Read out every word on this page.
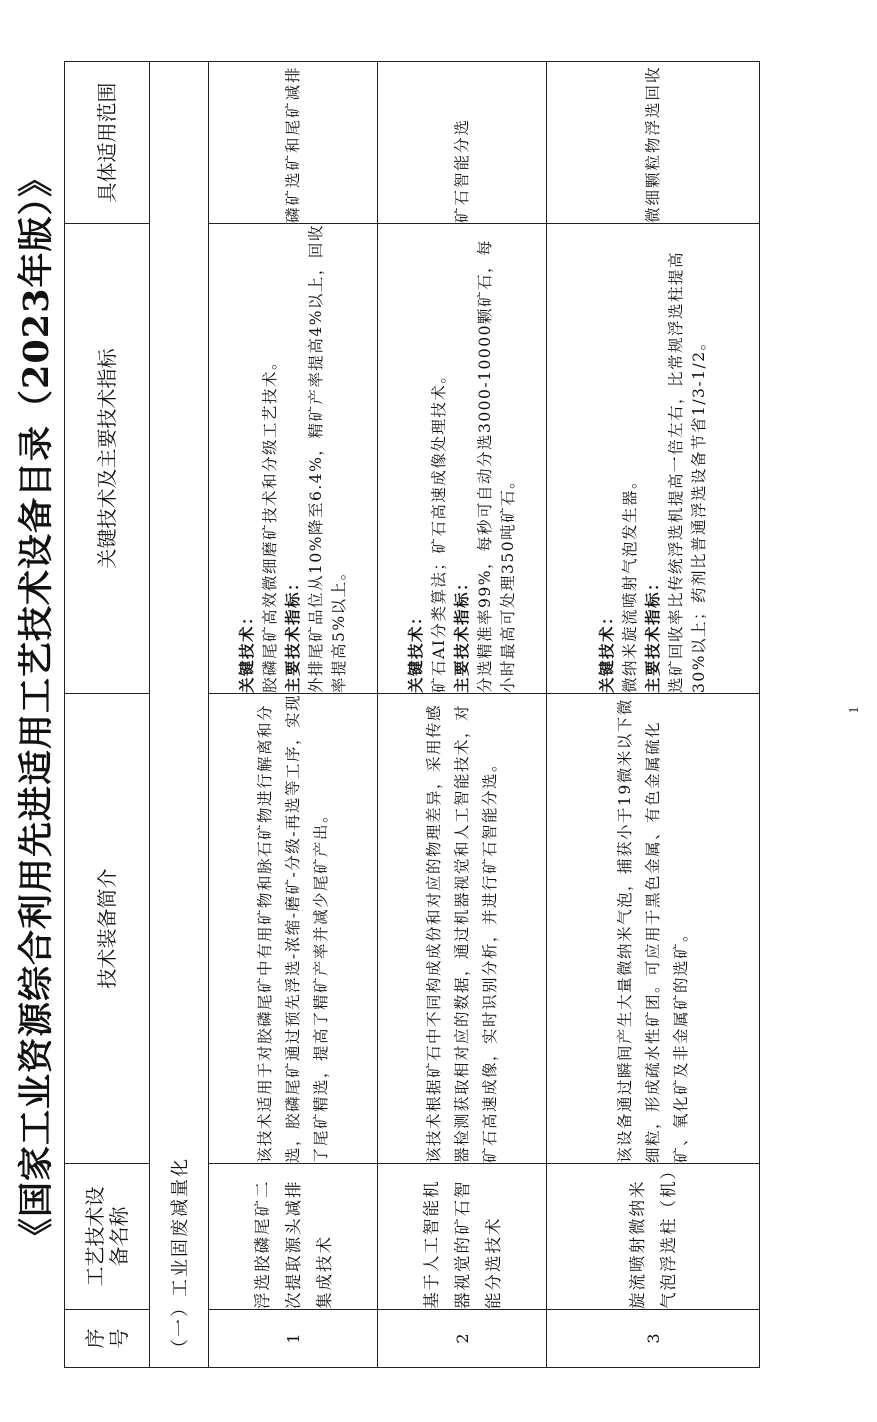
《国家工业资源综合利用先进适用工艺技术设备目录（2023年版）》
序号	工艺技术设备名称	技术装备简介	关键技术及主要技术指标	具体适用范围
（一）工业固废减量化				
1	浮选胶磷尾矿二次提取源头减排集成技术	该技术适用于对胶磷尾矿中有用矿物和脉石矿物进行解离和分选，胶磷尾矿通过预先浮选-浓缩-磨矿-分级-再选等工序，实现了尾矿精选，提高了精矿产率并减少尾矿产出。	关键技术： 胶磷尾矿高效微细磨矿技术和分级工艺技术。 主要技术指标： 外排尾矿品位从10%降至6.4%，精矿产率提高4%以上，回收率提高5%以上。	磷矿选矿和尾矿减排
2	基于人工智能机器视觉的矿石智能分选技术	该技术根据矿石中不同构成成份和对应的物理差异，采用传感器检测获取相对应的数据，通过机器视觉和人工智能技术，对矿石高速成像，实时识别分析，并进行矿石智能分选。	关键技术： 矿石AI分类算法；矿石高速成像处理技术。 主要技术指标： 分选精准率99%，每秒可自动分选3000-10000颗矿石，每小时最高可处理350吨矿石。	矿石智能分选
3	旋流喷射微纳米气泡浮选柱（机）	该设备通过瞬间产生大量微纳米气泡，捕获小于19微米以下微细粒，形成疏水性矿团。可应用于黑色金属、有色金属硫化矿、氧化矿及非金属矿的选矿。	关键技术： 微纳米旋流喷射气泡发生器。 主要技术指标： 选矿回收率比传统浮选机提高一倍左右，比常规浮选柱提高30%以上；药剂比普通浮选设备节省1/3-1/2。	微细颗粒物浮选回收
1
